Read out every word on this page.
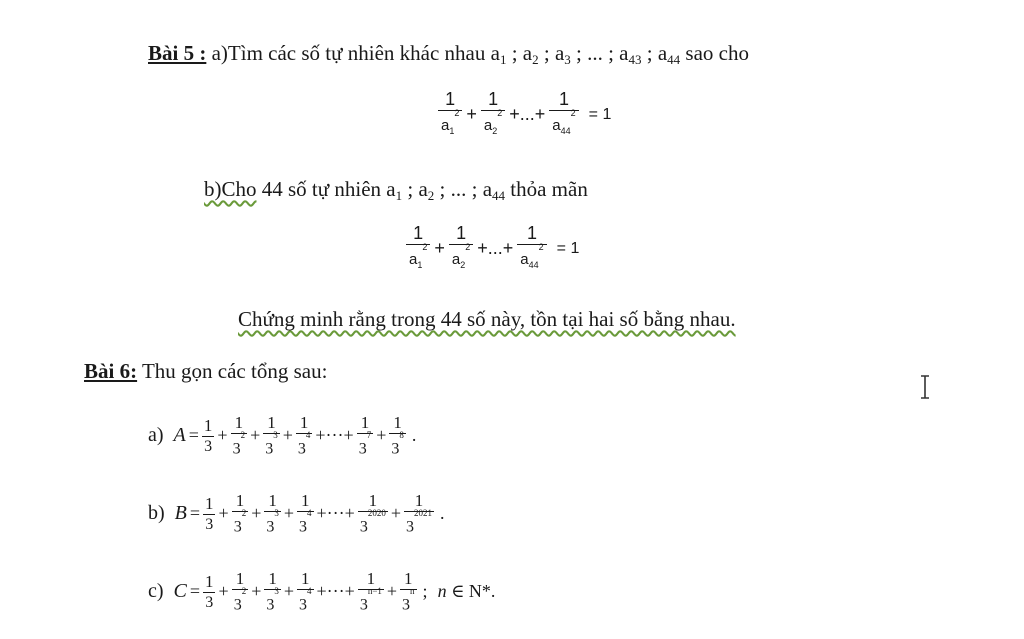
Bài 5 : a)Tìm các số tự nhiên khác nhau $a_1$ ; $a_2$ ; $a_3$ ; ... ; $a_{43}$ ; $a_{44}$ sao cho
$\frac{1}{a_1^2} + \frac{1}{a_2^2}$ +...+ $\frac{1}{a_{44}^2} = 1$
b)Cho 44 số tự nhiên $a_1$ ; $a_2$ ; ... ; $a_{44}$ thỏa mãn
$\frac{1}{a_1^2} + \frac{1}{a_2^2}$ +...+ $\frac{1}{a_{44}^2} = 1$
Chứng minh rằng trong 44 số này, tồn tại hai số bằng nhau.
Bài 6: Thu gọn các tổng sau:
a) $A = \frac{1}{3} + \frac{1}{3^2} + \frac{1}{3^3} + \frac{1}{3^4}$ +···+ $\frac{1}{3^7} + \frac{1}{3^8}$ .
b) $B = \frac{1}{3} + \frac{1}{3^2} + \frac{1}{3^3} + \frac{1}{3^4}$ +···+ $\frac{1}{3^{2020}} + \frac{1}{3^{2021}}$ .
c) $C = \frac{1}{3} + \frac{1}{3^2} + \frac{1}{3^3} + \frac{1}{3^4}$ +···+ $\frac{1}{3^{n-1}} + \frac{1}{3^n}$ ; n ∈ N*.
